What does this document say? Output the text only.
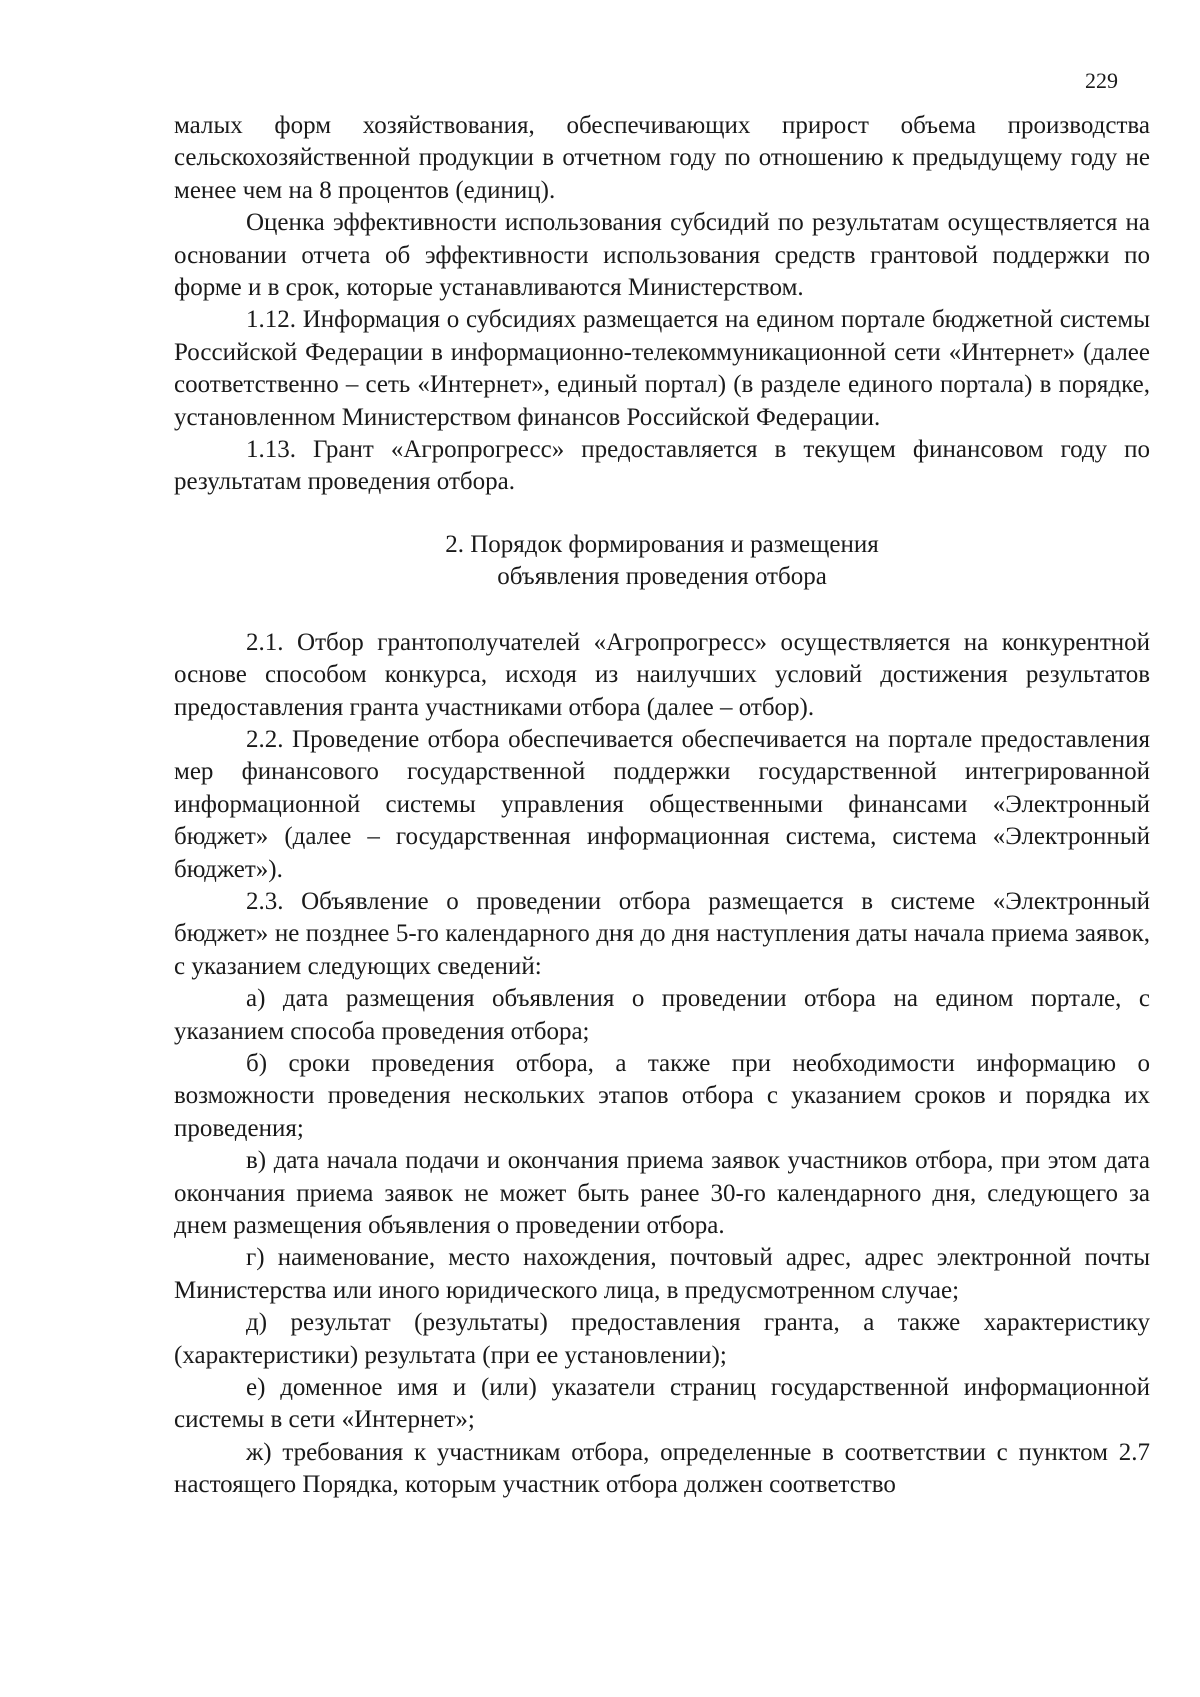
229

малых форм хозяйствования, обеспечивающих прирост объема производства сельскохозяйственной продукции в отчетном году по отношению к предыдущему году не менее чем на 8 процентов (единиц).

Оценка эффективности использования субсидий по результатам осуществляется на основании отчета об эффективности использования средств грантовой поддержки по форме и в срок, которые устанавливаются Министерством.

1.12. Информация о субсидиях размещается на едином портале бюджетной системы Российской Федерации в информационно-телекоммуникационной сети «Интернет» (далее соответственно – сеть «Интернет», единый портал) (в разделе единого портала) в порядке, установленном Министерством финансов Российской Федерации.

1.13. Грант «Агропрогресс» предоставляется в текущем финансовом году по результатам проведения отбора.

2. Порядок формирования и размещения
объявления проведения отбора

2.1. Отбор грантополучателей «Агропрогресс» осуществляется на конкурентной основе способом конкурса, исходя из наилучших условий достижения результатов предоставления гранта участниками отбора (далее – отбор).

2.2. Проведение отбора обеспечивается обеспечивается на портале предоставления мер финансового государственной поддержки государственной интегрированной информационной системы управления общественными финансами «Электронный бюджет» (далее – государственная информационная система, система «Электронный бюджет»).

2.3. Объявление о проведении отбора размещается в системе «Электронный бюджет» не позднее 5-го календарного дня до дня наступления даты начала приема заявок, с указанием следующих сведений:

а) дата размещения объявления о проведении отбора на едином портале, с указанием способа проведения отбора;

б) сроки проведения отбора, а также при необходимости информацию о возможности проведения нескольких этапов отбора с указанием сроков и порядка их проведения;

в) дата начала подачи и окончания приема заявок участников отбора, при этом дата окончания приема заявок не может быть ранее 30-го календарного дня, следующего за днем размещения объявления о проведении отбора.

г) наименование, место нахождения, почтовый адрес, адрес электронной почты Министерства или иного юридического лица, в предусмотренном случае;

д) результат (результаты) предоставления гранта, а также характеристику (характеристики) результата (при ее установлении);

е) доменное имя и (или) указатели страниц государственной информационной системы в сети «Интернет»;

ж) требования к участникам отбора, определенные в соответствии с пунктом 2.7 настоящего Порядка, которым участник отбора должен соответство
